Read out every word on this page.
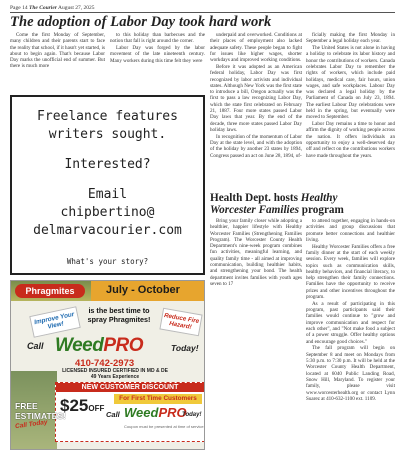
Page 14 The Courier August 27, 2025
The adoption of Labor Day took hard work

Come the first Monday of September, many children and their parents start to face the reality that school, if it hasn't yet started, is about to begin again. That's because Labor Day marks the unofficial end of summer. But there is much more

to this holiday than barbecues and the notion that fall is right around the corner.

Labor Day was forged by the labor movement of the late nineteenth century. Many workers during this time felt they were

underpaid and overworked. Conditions at their places of employment also lacked adequate safety. These people began to fight for issues like higher wages, shorter workdays and improved working conditions.

Before it was adopted as an American federal holiday, Labor Day was first recognized by labor activists and individual states. Although New York was the first state to introduce a bill, Oregon actually was the first to pass a law recognizing Labor Day, which the state first celebrated on February 21, 1887. Four more states passed Labor Day laws that year. By the end of the decade, three more states passed Labor Day holiday laws.

In recognition of the momentum of Labor Day at the state level, and with the adoption of the holiday by another 23 states by 1894, Congress passed an act on June 28, 1894, of-

ficially making the first Monday in September a legal holiday each year.

The United States is not alone in having a holiday to celebrate its labor history and honor the contributions of workers. Canada celebrates Labor Day to remember the rights of workers, which include paid holidays, medical care, fair hours, union wages, and safe workplaces. Labour Day was declared a legal holiday by the Parliament of Canada on July 23, 1894. The earliest Labour Day celebrations were held in the spring, but eventually were moved to September.

Labor Day remains a time to honor and affirm the dignity of working people across the nation. It offers individuals an opportunity to enjoy a well-deserved day off and reflect on the contributions workers have made throughout the years.

Freelance features
writers sought.
Interested?
Email
chipbertino@
delmarvacourier.com
What's your story?
Health Dept. hosts Healthy
Worcester Families program

Bring your family closer while adopting a healthier, happier lifestyle with Healthy Worcester Families (Strengthening Families Program). The Worcester County Health Department's nine-week program combines fun activities, meaningful learning, and quality family time - all aimed at improving communication, building healthier habits, and strengthening your bond. The health department invites families with youth ages seven to 17

to attend together, engaging in hands-on activities and group discussions that promote better connections and healthier living.

Healthy Worcester Families offers a free family dinner at the start of each weekly session. Every week, families will explore topics such as communication skills, healthy behaviors, and financial literacy, to help strengthen their family connections. Families have the opportunity to receive prizes and other incentives throughout the program.

As a result of participating in this program, past participants said their families would continue to "grow and improve communication and respect for each other", and "Not make food a subject of a power struggle. Offer healthy options and encourage good choices."

The fall program will begin on September 8 and meet on Mondays from 5:30 p.m. to 7:30 p.m. It will be held at the Worcester County Health Department, located at 6040 Public Landing Road, Snow Hill, Maryland. To register your family, please visit www.worcesterhealth.org or contact Lynn Suarez at 410-632-1100 ext. 1109.

Phragmites	July - October
Improve Your View!
is the best time to spray Phragmites!	Reduce Fire Hazard!
Call WeedPRO	Today!
410-742-2973
LICENSED INSURED CERTIFIED IN MD & DE
49 Years Experience
NEW CUSTOMER DISCOUNT
$25OFF
For First Time Customers
Call WeedPRO
Today!
Coupon must be presented at time of service
FREE ESTIMATES!
Call Today
